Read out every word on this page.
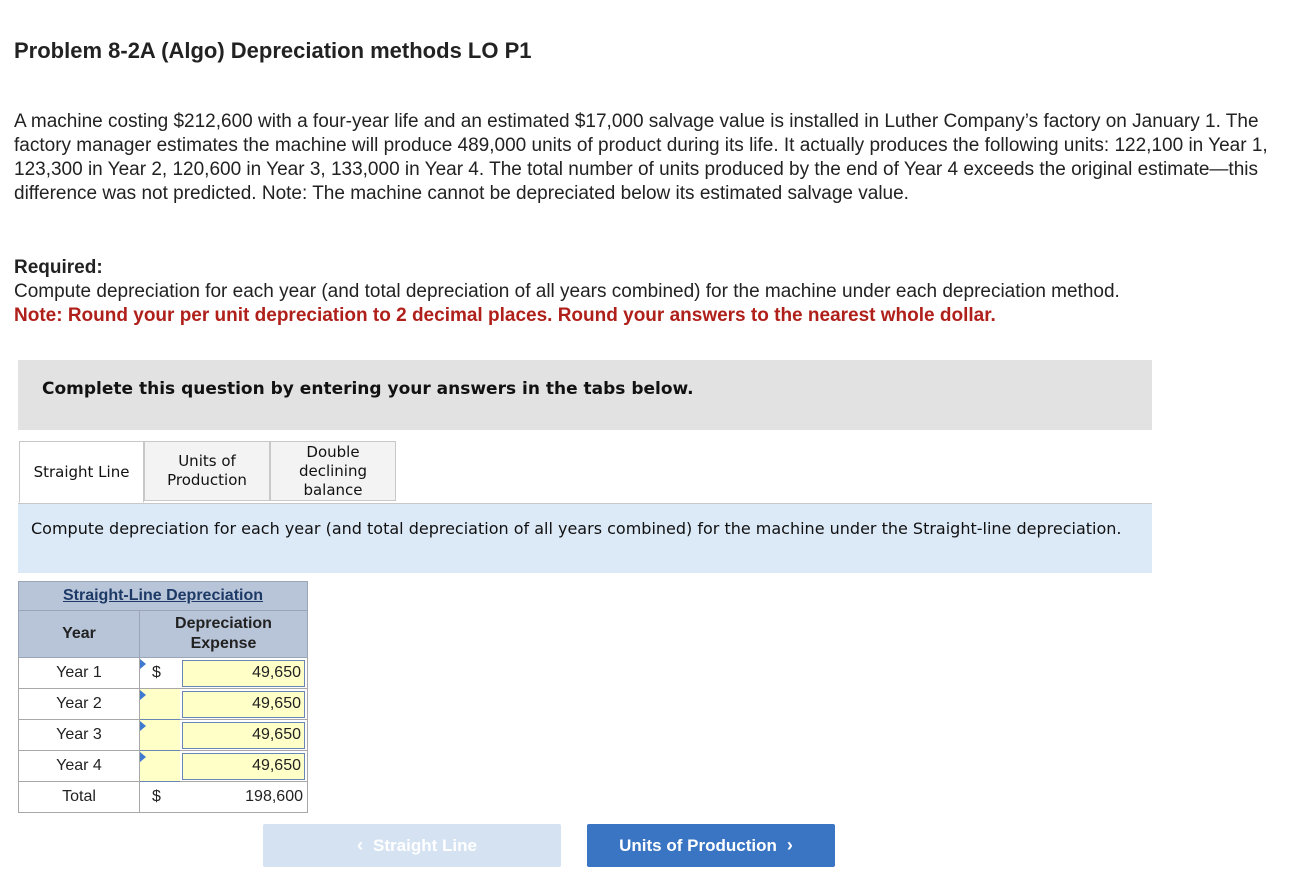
Problem 8-2A (Algo) Depreciation methods LO P1

A machine costing $212,600 with a four-year life and an estimated $17,000 salvage value is installed in Luther Company’s factory on January 1. The factory manager estimates the machine will produce 489,000 units of product during its life. It actually produces the following units: 122,100 in Year 1, 123,300 in Year 2, 120,600 in Year 3, 133,000 in Year 4. The total number of units produced by the end of Year 4 exceeds the original estimate—this difference was not predicted. Note: The machine cannot be depreciated below its estimated salvage value.

Required:
Compute depreciation for each year (and total depreciation of all years combined) for the machine under each depreciation method.
Note: Round your per unit depreciation to 2 decimal places. Round your answers to the nearest whole dollar.
Complete this question by entering your answers in the tabs below.
Straight Line
Units of Production
Double declining balance
Compute depreciation for each year (and total depreciation of all years combined) for the machine under the Straight-line depreciation.
Straight-Line Depreciation		
Year	Depreciation Expense	
Year 1	$	49,650

Year 2		49,650

Year 3		49,650

Year 4		49,650

Total	$	198,600
‹ Straight Line	Units of Production ›
